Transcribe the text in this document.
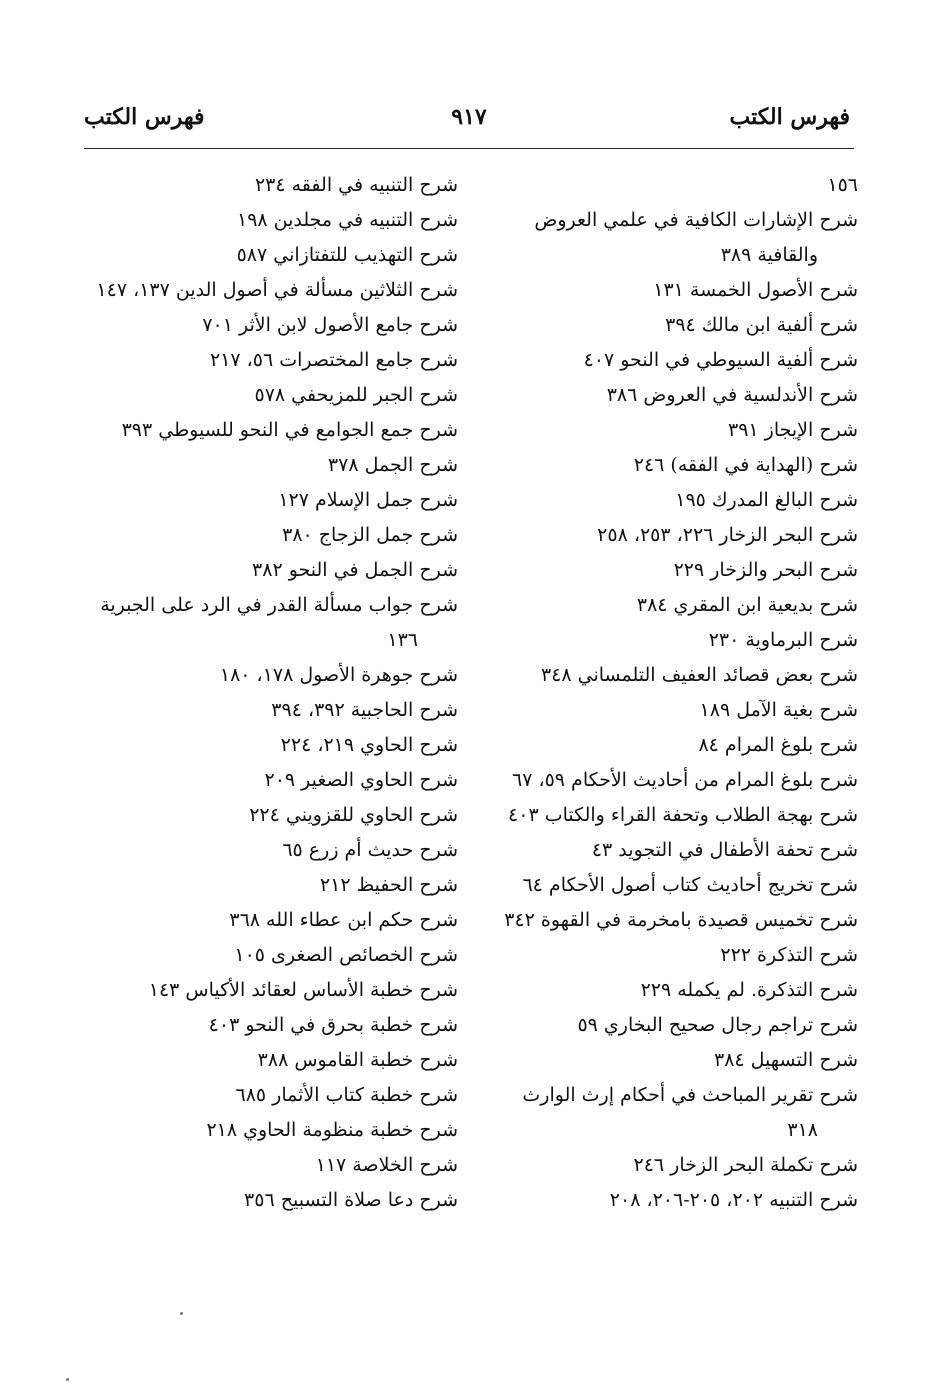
فهرس الكتب
٩١٧
فهرس الكتب
١٥٦
شرح الإشارات الكافية في علمي العروض والقافية ٣٨٩
شرح الأصول الخمسة ١٣١
شرح ألفية ابن مالك ٣٩٤
شرح ألفية السيوطي في النحو ٤٠٧
شرح الأندلسية في العروض ٣٨٦
شرح الإيجاز ٣٩١
شرح (الهداية في الفقه) ٢٤٦
شرح البالغ المدرك ١٩٥
شرح البحر الزخار ٢٢٦، ٢٥٣، ٢٥٨
شرح البحر والزخار ٢٢٩
شرح بديعية ابن المقري ٣٨٤
شرح البرماوية ٢٣٠
شرح بعض قصائد العفيف التلمساني ٣٤٨
شرح بغية الآمل ١٨٩
شرح بلوغ المرام ٨٤
شرح بلوغ المرام من أحاديث الأحكام ٥٩، ٦٧
شرح بهجة الطلاب وتحفة القراء والكتاب ٤٠٣
شرح تحفة الأطفال في التجويد ٤٣
شرح تخريج أحاديث كتاب أصول الأحكام ٦٤
شرح تخميس قصيدة بامخرمة في القهوة ٣٤٢
شرح التذكرة ٢٢٢
شرح التذكرة. لم يكمله ٢٢٩
شرح تراجم رجال صحيح البخاري ٥٩
شرح التسهيل ٣٨٤
شرح تقرير المباحث في أحكام إرث الوارث ٣١٨
شرح تكملة البحر الزخار ٢٤٦
شرح التنبيه ٢٠٢، ٢٠٥-٢٠٦، ٢٠٨
شرح التنبيه في الفقه ٢٣٤
شرح التنبيه في مجلدين ١٩٨
شرح التهذيب للتفتازاني ٥٨٧
شرح الثلاثين مسألة في أصول الدين ١٣٧، ١٤٧
شرح جامع الأصول لابن الأثر ٧٠١
شرح جامع المختصرات ٥٦، ٢١٧
شرح الجبر للمزيحفي ٥٧٨
شرح جمع الجوامع في النحو للسيوطي ٣٩٣
شرح الجمل ٣٧٨
شرح جمل الإسلام ١٢٧
شرح جمل الزجاج ٣٨٠
شرح الجمل في النحو ٣٨٢
شرح جواب مسألة القدر في الرد على الجبرية ١٣٦
شرح جوهرة الأصول ١٧٨، ١٨٠
شرح الحاجبية ٣٩٢، ٣٩٤
شرح الحاوي ٢١٩، ٢٢٤
شرح الحاوي الصغير ٢٠٩
شرح الحاوي للقزويني ٢٢٤
شرح حديث أم زرع ٦٥
شرح الحفيظ ٢١٢
شرح حكم ابن عطاء الله ٣٦٨
شرح الخصائص الصغرى ١٠٥
شرح خطبة الأساس لعقائد الأكياس ١٤٣
شرح خطبة بحرق في النحو ٤٠٣
شرح خطبة القاموس ٣٨٨
شرح خطبة كتاب الأثمار ٦٨٥
شرح خطبة منظومة الحاوي ٢١٨
شرح الخلاصة ١١٧
شرح دعا صلاة التسبيح ٣٥٦
